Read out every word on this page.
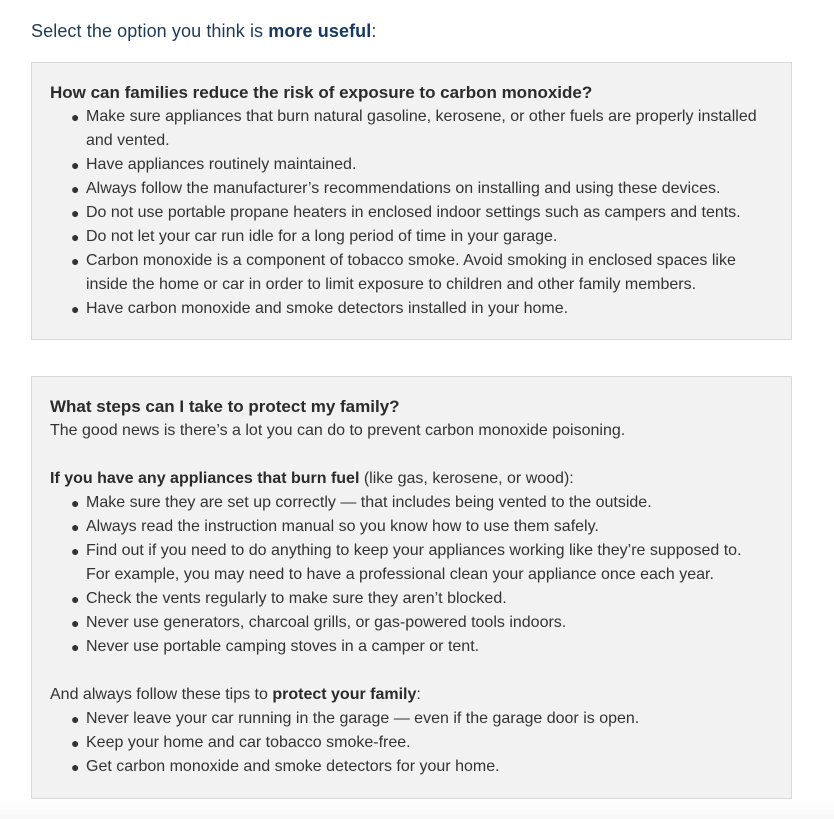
Select the option you think is more useful:
How can families reduce the risk of exposure to carbon monoxide?
● Make sure appliances that burn natural gasoline, kerosene, or other fuels are properly installed and vented.
● Have appliances routinely maintained.
● Always follow the manufacturer’s recommendations on installing and using these devices.
● Do not use portable propane heaters in enclosed indoor settings such as campers and tents.
● Do not let your car run idle for a long period of time in your garage.
● Carbon monoxide is a component of tobacco smoke. Avoid smoking in enclosed spaces like inside the home or car in order to limit exposure to children and other family members.
● Have carbon monoxide and smoke detectors installed in your home.
What steps can I take to protect my family?

The good news is there’s a lot you can do to prevent carbon monoxide poisoning.

If you have any appliances that burn fuel (like gas, kerosene, or wood):

● Make sure they are set up correctly — that includes being vented to the outside.
● Always read the instruction manual so you know how to use them safely.
● Find out if you need to do anything to keep your appliances working like they’re supposed to. For example, you may need to have a professional clean your appliance once each year.
● Check the vents regularly to make sure they aren’t blocked.
● Never use generators, charcoal grills, or gas-powered tools indoors.
● Never use portable camping stoves in a camper or tent.

And always follow these tips to protect your family:

● Never leave your car running in the garage — even if the garage door is open.
● Keep your home and car tobacco smoke-free.
● Get carbon monoxide and smoke detectors for your home.
